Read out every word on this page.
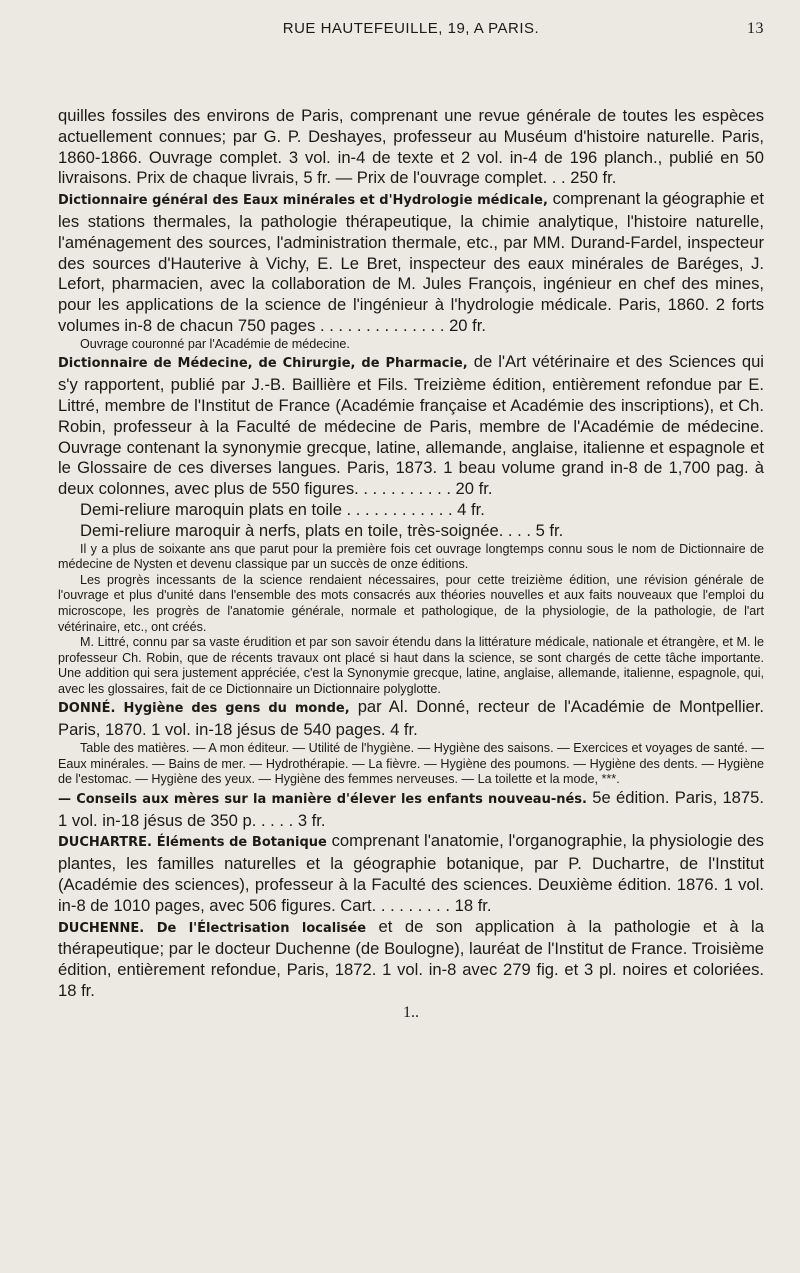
RUE HAUTEFEUILLE, 19, A PARIS.	13

quilles fossiles des environs de Paris, comprenant une revue générale de toutes les espèces actuellement connues; par G. P. Deshayes, professeur au Muséum d'histoire naturelle. Paris, 1860-1866. Ouvrage complet. 3 vol. in-4 de texte et 2 vol. in-4 de 196 planch., publié en 50 livraisons. Prix de chaque livrais, 5 fr. — Prix de l'ouvrage complet. . . 250 fr.

Dictionnaire général des Eaux minérales et d'Hydrologie médicale, comprenant la géographie et les stations thermales, la pathologie thérapeutique, la chimie analytique, l'histoire naturelle, l'aménagement des sources, l'administration thermale, etc., par MM. Durand-Fardel, inspecteur des sources d'Hauterive à Vichy, E. Le Bret, inspecteur des eaux minérales de Baréges, J. Lefort, pharmacien, avec la collaboration de M. Jules François, ingénieur en chef des mines, pour les applications de la science de l'ingénieur à l'hydrologie médicale. Paris, 1860. 2 forts volumes in-8 de chacun 750 pages . . . . . . . . . . . . . . 20 fr.

Ouvrage couronné par l'Académie de médecine.

Dictionnaire de Médecine, de Chirurgie, de Pharmacie, de l'Art vétérinaire et des Sciences qui s'y rapportent, publié par J.-B. Baillière et Fils. Treizième édition, entièrement refondue par E. Littré, membre de l'Institut de France (Académie française et Académie des inscriptions), et Ch. Robin, professeur à la Faculté de médecine de Paris, membre de l'Académie de médecine. Ouvrage contenant la synonymie grecque, latine, allemande, anglaise, italienne et espagnole et le Glossaire de ces diverses langues. Paris, 1873. 1 beau volume grand in-8 de 1,700 pag. à deux colonnes, avec plus de 550 figures. . . . . . . . . . . 20 fr.

Demi-reliure maroquin plats en toile . . . . . . . . . . . . 4 fr.

Demi-reliure maroquir à nerfs, plats en toile, très-soignée. . . . 5 fr.

Il y a plus de soixante ans que parut pour la première fois cet ouvrage longtemps connu sous le nom de Dictionnaire de médecine de Nysten et devenu classique par un succès de onze éditions.

Les progrès incessants de la science rendaient nécessaires, pour cette treizième édition, une révision générale de l'ouvrage et plus d'unité dans l'ensemble des mots consacrés aux théories nouvelles et aux faits nouveaux que l'emploi du microscope, les progrès de l'anatomie générale, normale et pathologique, de la physiologie, de la pathologie, de l'art vétérinaire, etc., ont créés.

M. Littré, connu par sa vaste érudition et par son savoir étendu dans la littérature médicale, nationale et étrangère, et M. le professeur Ch. Robin, que de récents travaux ont placé si haut dans la science, se sont chargés de cette tâche importante. Une addition qui sera justement appréciée, c'est la Synonymie grecque, latine, anglaise, allemande, italienne, espagnole, qui, avec les glossaires, fait de ce Dictionnaire un Dictionnaire polyglotte.

DONNÉ. Hygiène des gens du monde, par Al. Donné, recteur de l'Académie de Montpellier. Paris, 1870. 1 vol. in-18 jésus de 540 pages. 4 fr.

Table des matières. — A mon éditeur. — Utilité de l'hygiène. — Hygiène des saisons. — Exercices et voyages de santé. — Eaux minérales. — Bains de mer. — Hydrothérapie. — La fièvre. — Hygiène des poumons. — Hygiène des dents. — Hygiène de l'estomac. — Hygiène des yeux. — Hygiène des femmes nerveuses. — La toilette et la mode, ***.

— Conseils aux mères sur la manière d'élever les enfants nouveau-nés. 5e édition. Paris, 1875. 1 vol. in-18 jésus de 350 p. . . . . 3 fr.

DUCHARTRE. Éléments de Botanique comprenant l'anatomie, l'organographie, la physiologie des plantes, les familles naturelles et la géographie botanique, par P. Duchartre, de l'Institut (Académie des sciences), professeur à la Faculté des sciences. Deuxième édition. 1876. 1 vol. in-8 de 1010 pages, avec 506 figures. Cart. . . . . . . . . 18 fr.

DUCHENNE. De l'Électrisation localisée et de son application à la pathologie et à la thérapeutique; par le docteur Duchenne (de Boulogne), lauréat de l'Institut de France. Troisième édition, entièrement refondue, Paris, 1872. 1 vol. in-8 avec 279 fig. et 3 pl. noires et coloriées. 18 fr.

1..
